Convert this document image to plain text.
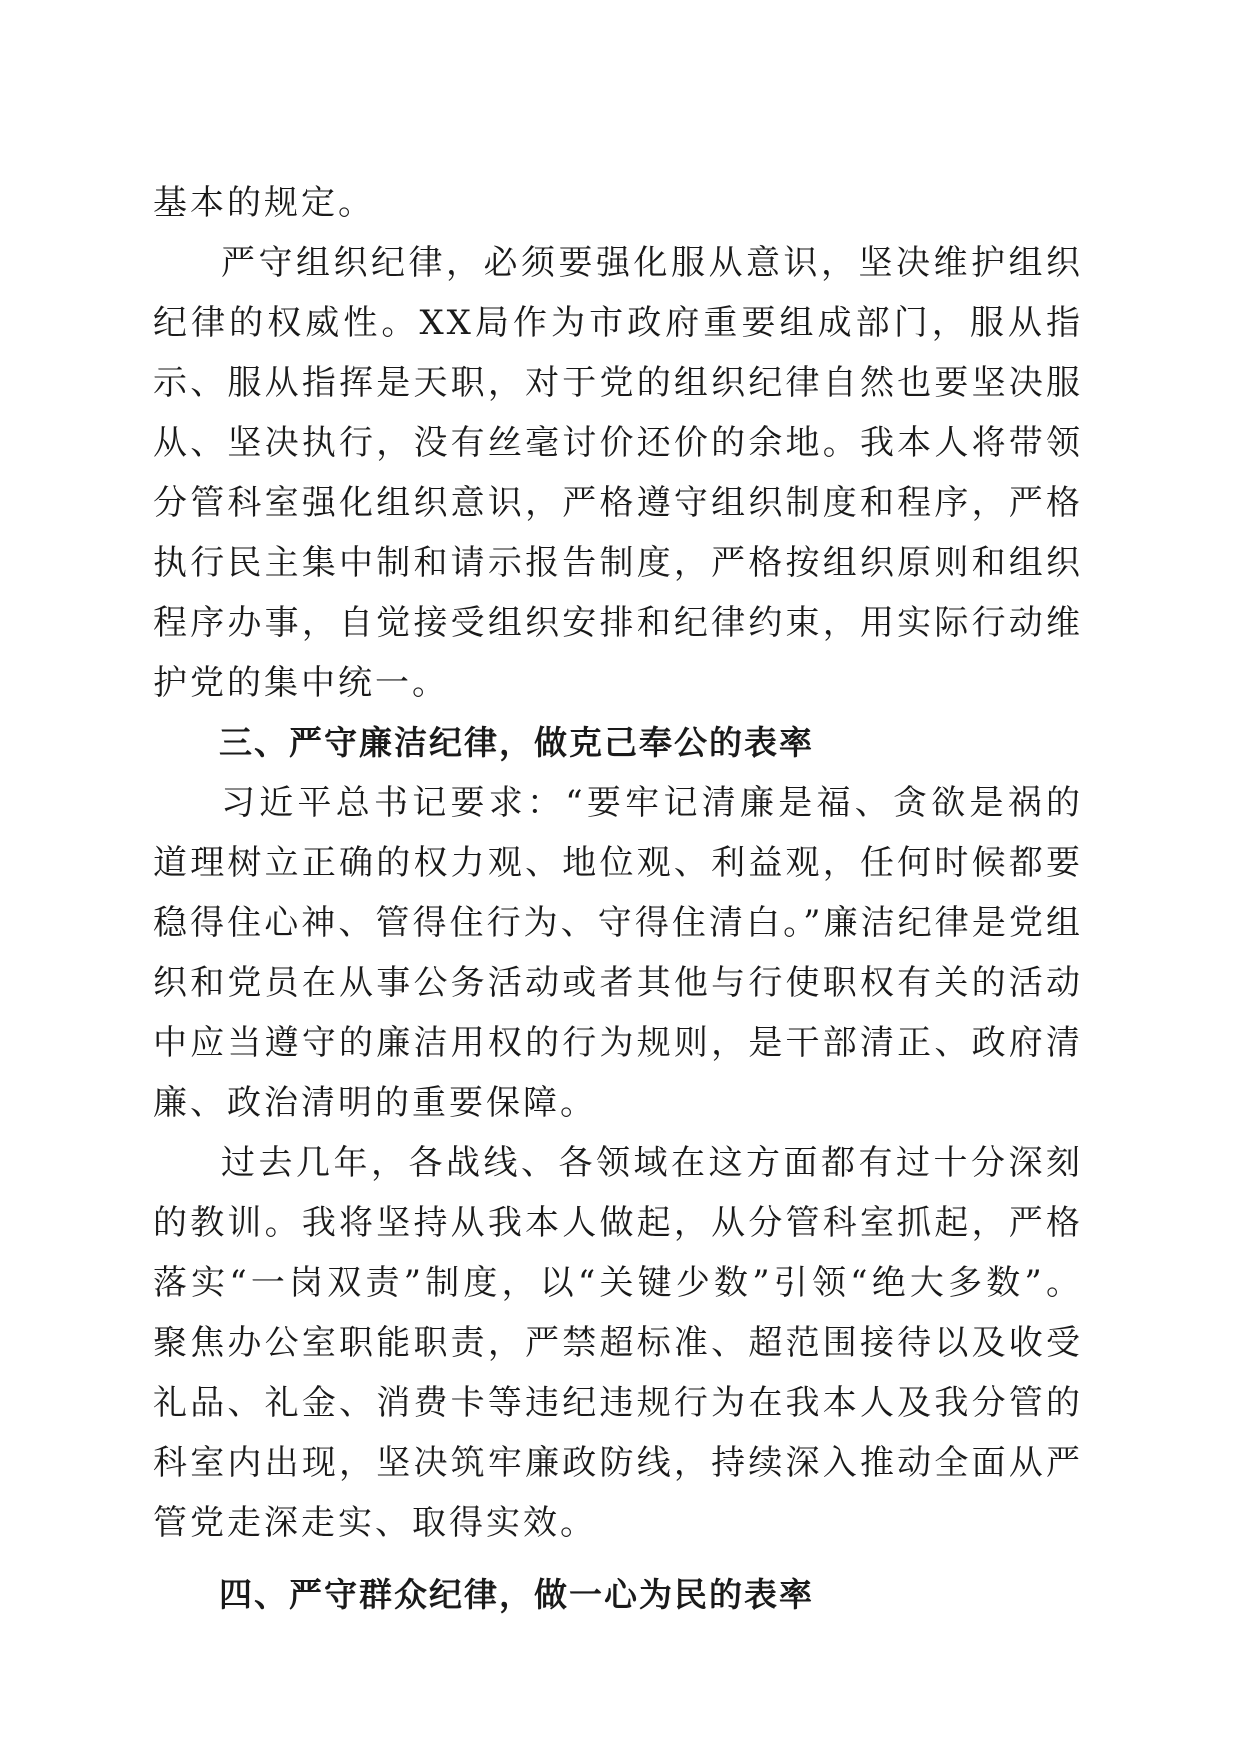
基本的规定。

严守组织纪律，必须要强化服从意识，坚决维护组织纪律的权威性。XX局作为市政府重要组成部门，服从指示、服从指挥是天职，对于党的组织纪律自然也要坚决服从、坚决执行，没有丝毫讨价还价的余地。我本人将带领分管科室强化组织意识，严格遵守组织制度和程序，严格执行民主集中制和请示报告制度，严格按组织原则和组织程序办事，自觉接受组织安排和纪律约束，用实际行动维护党的集中统一。

三、严守廉洁纪律，做克己奉公的表率

习近平总书记要求：“要牢记清廉是福、贪欲是祸的道理树立正确的权力观、地位观、利益观，任何时候都要稳得住心神、管得住行为、守得住清白。”廉洁纪律是党组织和党员在从事公务活动或者其他与行使职权有关的活动中应当遵守的廉洁用权的行为规则，是干部清正、政府清廉、政治清明的重要保障。

过去几年，各战线、各领域在这方面都有过十分深刻的教训。我将坚持从我本人做起，从分管科室抓起，严格落实“一岗双责”制度，以“关键少数”引领“绝大多数”。聚焦办公室职能职责，严禁超标准、超范围接待以及收受礼品、礼金、消费卡等违纪违规行为在我本人及我分管的科室内出现，坚决筑牢廉政防线，持续深入推动全面从严管党走深走实、取得实效。

四、严守群众纪律，做一心为民的表率
